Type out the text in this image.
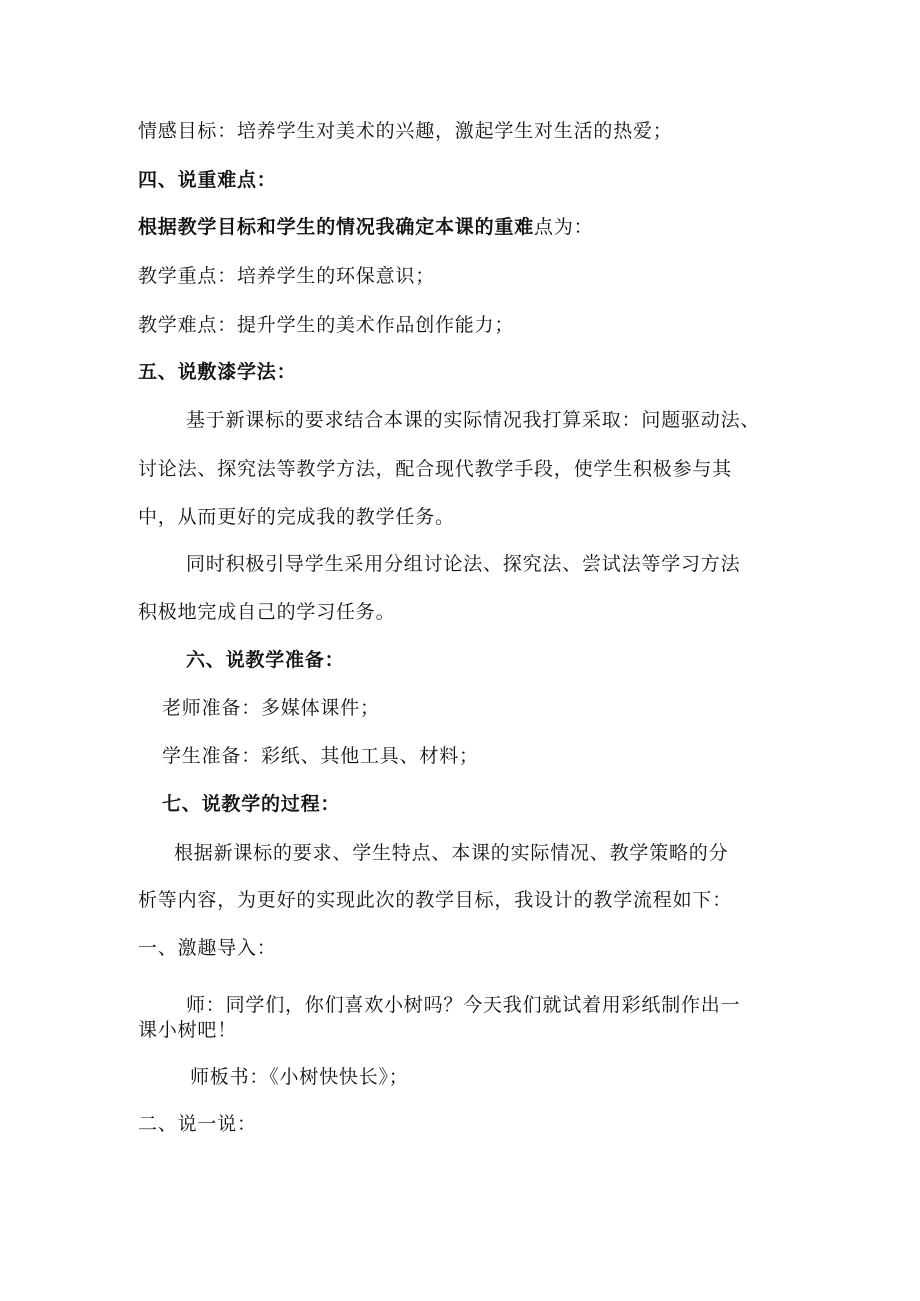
情感目标：培养学生对美术的兴趣，激起学生对生活的热爱；
四、说重难点：
根据教学目标和学生的情况我确定本课的重难点为：
教学重点：培养学生的环保意识；
教学难点：提升学生的美术作品创作能力；
五、说敷漆学法：
基于新课标的要求结合本课的实际情况我打算采取：问题驱动法、
讨论法、探究法等教学方法，配合现代教学手段，使学生积极参与其
中，从而更好的完成我的教学任务。
同时积极引导学生采用分组讨论法、探究法、尝试法等学习方法
积极地完成自己的学习任务。
六、说教学准备：
老师准备：多媒体课件；
学生准备：彩纸、其他工具、材料；
七、说教学的过程：
根据新课标的要求、学生特点、本课的实际情况、教学策略的分
析等内容，为更好的实现此次的教学目标，我设计的教学流程如下：
一、激趣导入：
师：同学们，你们喜欢小树吗？今天我们就试着用彩纸制作出一
课小树吧！
师板书：《小树快快长》；
二、说一说：
